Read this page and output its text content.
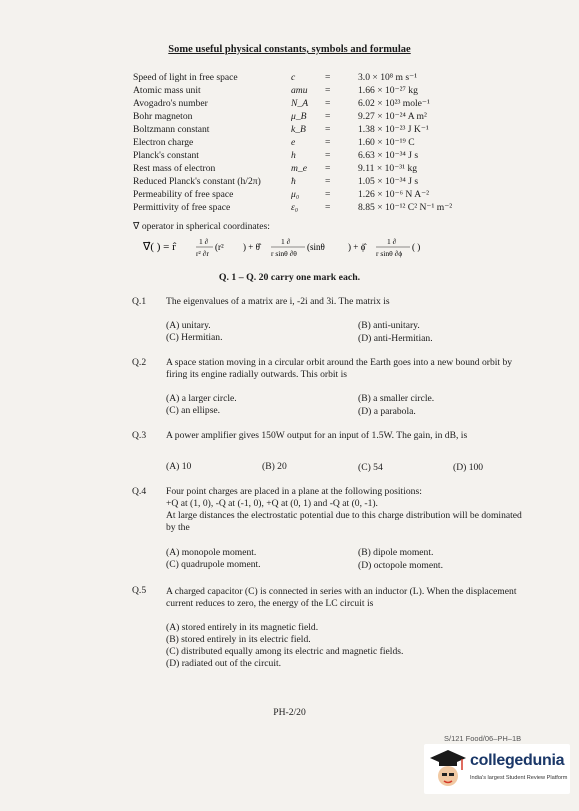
Some useful physical constants, symbols and formulae
Speed of light in free space	c	=	3.0 × 10⁸ m s⁻¹
Atomic mass unit	amu	=	1.66 × 10⁻²⁷ kg
Avogadro's number	N_A	=	6.02 × 10²³ mole⁻¹
Bohr magneton	μ_B	=	9.27 × 10⁻²⁴ A m²
Boltzmann constant	k_B	=	1.38 × 10⁻²³ J K⁻¹
Electron charge	e	=	1.60 × 10⁻¹⁹ C
Planck's constant	h	=	6.63 × 10⁻³⁴ J s
Rest mass of electron	m_e	=	9.11 × 10⁻³¹ kg
Reduced Planck's constant (h/2π)	ħ	=	1.05 × 10⁻³⁴ J s
Permeability of free space	μ₀	=	1.26 × 10⁻⁶ N A⁻²
Permittivity of free space	ε₀	=	8.85 × 10⁻¹² C² N⁻¹ m⁻²
∇⃗ operator in spherical coordinates:
∇⃗( ) = r̂	1 ∂
r² ∂r
(r² ) + θ̂
1 ∂
r sinθ ∂θ
(sinθ	) + ϕ̂
1 ∂
r sinθ ∂ϕ
( )
Q. 1 – Q. 20 carry one mark each.
Q.1 The eigenvalues of a matrix are i, -2i and 3i. The matrix is
(A) unitary.	(B) anti-unitary.
(C) Hermitian.	(D) anti-Hermitian.
Q.2 A space station moving in a circular orbit around the Earth goes into a new bound orbit by firing its engine radially outwards. This orbit is
(A) a larger circle.	(B) a smaller circle.
(C) an ellipse.	(D) a parabola.
Q.3 A power amplifier gives 150W output for an input of 1.5W. The gain, in dB, is
(A) 10	(B) 20	(C) 54	(D) 100
Q.4 Four point charges are placed in a plane at the following positions:
+Q at (1, 0), -Q at (-1, 0), +Q at (0, 1) and -Q at (0, -1).
At large distances the electrostatic potential due to this charge distribution will be dominated by the
(A) monopole moment.	(B) dipole moment.
(C) quadrupole moment.	(D) octopole moment.
Q.5 A charged capacitor (C) is connected in series with an inductor (L). When the displacement current reduces to zero, the energy of the LC circuit is
(A) stored entirely in its magnetic field.
(B) stored entirely in its electric field.
(C) distributed equally among its electric and magnetic fields.
(D) radiated out of the circuit.
PH-2/20
S/121 Food/06–PH–1B
collegedunia
India's largest Student Review Platform
